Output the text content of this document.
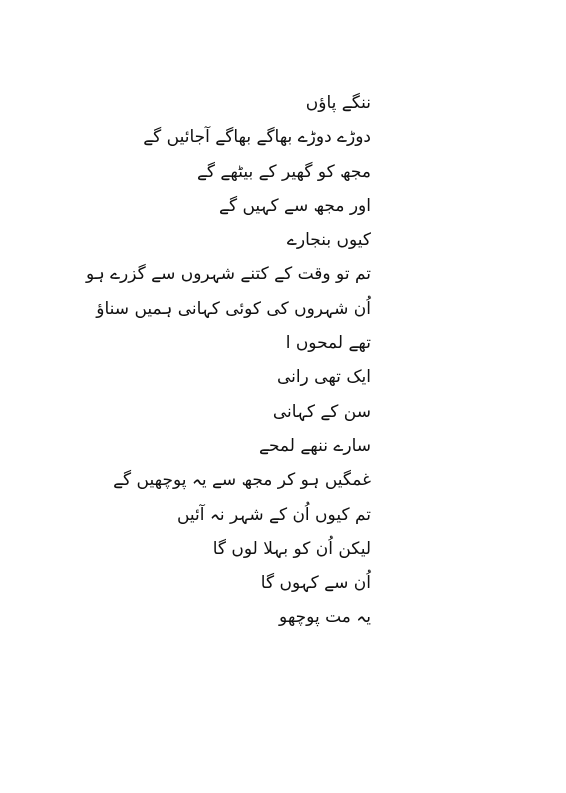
ننگے پاؤں
دوڑے دوڑے بھاگے بھاگے آجائیں گے
مجھ کو گھیر کے بیٹھے گے
اور مجھ سے کہیں گے
کیوں بنجارے
تم تو وقت کے کتنے شہروں سے گزرے ہو
اُن شہروں کی کوئی کہانی ہمیں سناؤ
تھے لمحوں ا
ایک تھی رانی
سن کے کہانی
سارے ننھے لمحے
غمگیں ہو کر مجھ سے یہ پوچھیں گے
تم کیوں اُن کے شہر نہ آئیں
لیکن اُن کو بہلا لوں گا
اُن سے کہوں گا
یہ مت پوچھو
